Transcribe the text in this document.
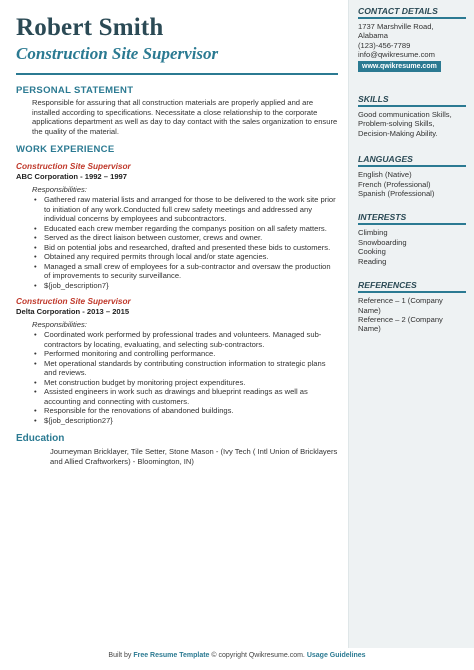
Robert Smith
Construction Site Supervisor
PERSONAL STATEMENT
Responsible for assuring that all construction materials are properly applied and are installed according to specifications. Necessitate a close relationship to the corporate applications department as well as day to day contact with the sales organization to ensure the quality of the material.
WORK EXPERIENCE
Construction Site Supervisor
ABC Corporation - 1992 – 1997
Responsibilities:
• Gathered raw material lists and arranged for those to be delivered to the work site prior to initiation of any work.Conducted full crew safety meetings and addressed any individual concerns by employees and subcontractors.
• Educated each crew member regarding the companys position on all safety matters.
• Served as the direct liaison between customer, crews and owner.
• Bid on potential jobs and researched, drafted and presented these bids to customers.
• Obtained any required permits through local and/or state agencies.
• Managed a small crew of employees for a sub-contractor and oversaw the production of improvements to security surveillance.
• ${job_description7}
Construction Site Supervisor
Delta Corporation - 2013 – 2015
Responsibilities:
• Coordinated work performed by professional trades and volunteers. Managed sub-contractors by locating, evaluating, and selecting sub-contractors.
• Performed monitoring and controlling performance.
• Met operational standards by contributing construction information to strategic plans and reviews.
• Met construction budget by monitoring project expenditures.
• Assisted engineers in work such as drawings and blueprint readings as well as accounting and connecting with customers.
• Responsible for the renovations of abandoned buildings.
• ${job_description27}
Education
Journeyman Bricklayer, Tile Setter, Stone Mason - (Ivy Tech ( Intl Union of Bricklayers and Allied Craftworkers) - Bloomington, IN)
CONTACT DETAILS
1737 Marshville Road,
Alabama
(123)-456-7789
info@qwikresume.com
www.qwikresume.com
SKILLS
Good communication Skills, Problem-solving Skills, Decision-Making Ability.
LANGUAGES
English (Native)
French (Professional)
Spanish (Professional)
INTERESTS
Climbing
Snowboarding
Cooking
Reading
REFERENCES
Reference – 1 (Company Name)
Reference – 2 (Company Name)
Built by Free Resume Template © copyright Qwikresume.com. Usage Guidelines
